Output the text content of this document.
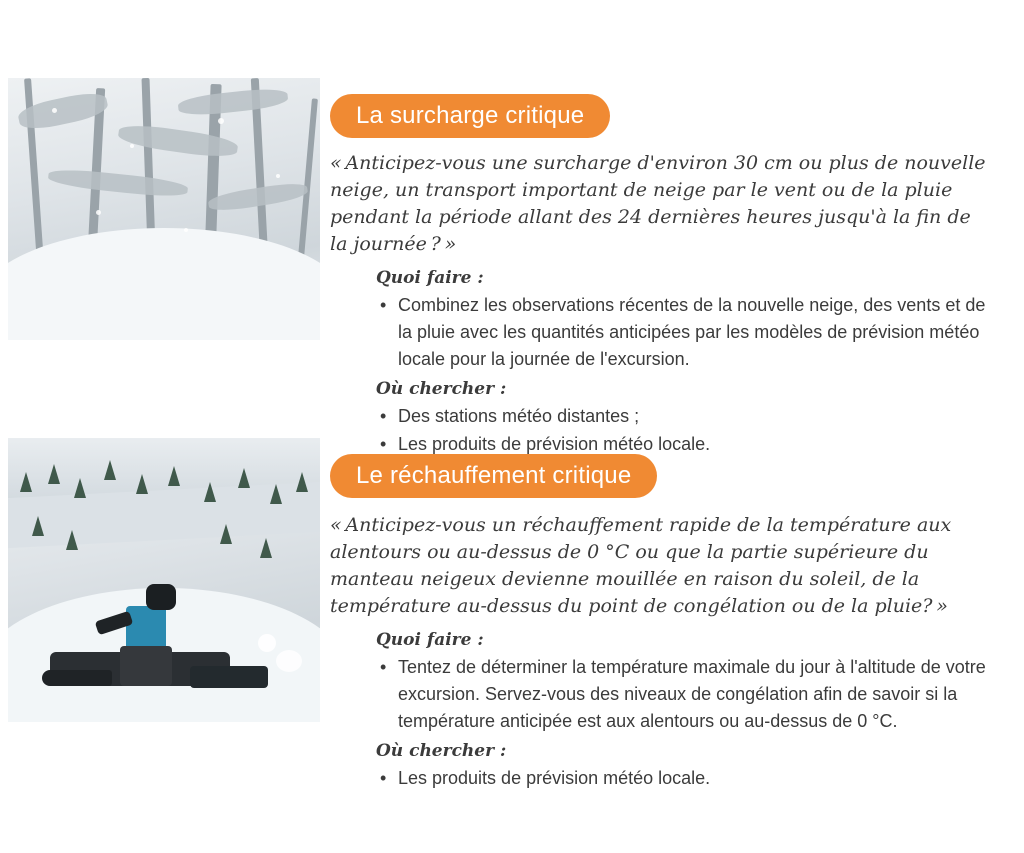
La surcharge critique

« Anticipez-vous une surcharge d'environ 30 cm ou plus de nouvelle neige, un transport important de neige par le vent ou de la pluie pendant la période allant des 24 dernières heures jusqu'à la fin de la journée ? »

Quoi faire :
• Combinez les observations récentes de la nouvelle neige, des vents et de la pluie avec les quantités anticipées par les modèles de prévision météo locale pour la journée de l'excursion.
Où chercher :
• Des stations météo distantes ;
• Les produits de prévision météo locale.
Le réchauffement critique

« Anticipez-vous un réchauffement rapide de la température aux alentours ou au-dessus de 0 °C ou que la partie supérieure du manteau neigeux devienne mouillée en raison du soleil, de la température au-dessus du point de congélation ou de la pluie? »

Quoi faire :
• Tentez de déterminer la température maximale du jour à l'altitude de votre excursion. Servez-vous des niveaux de congélation afin de savoir si la température anticipée est aux alentours ou au-dessus de 0 °C.
Où chercher :
• Les produits de prévision météo locale.
